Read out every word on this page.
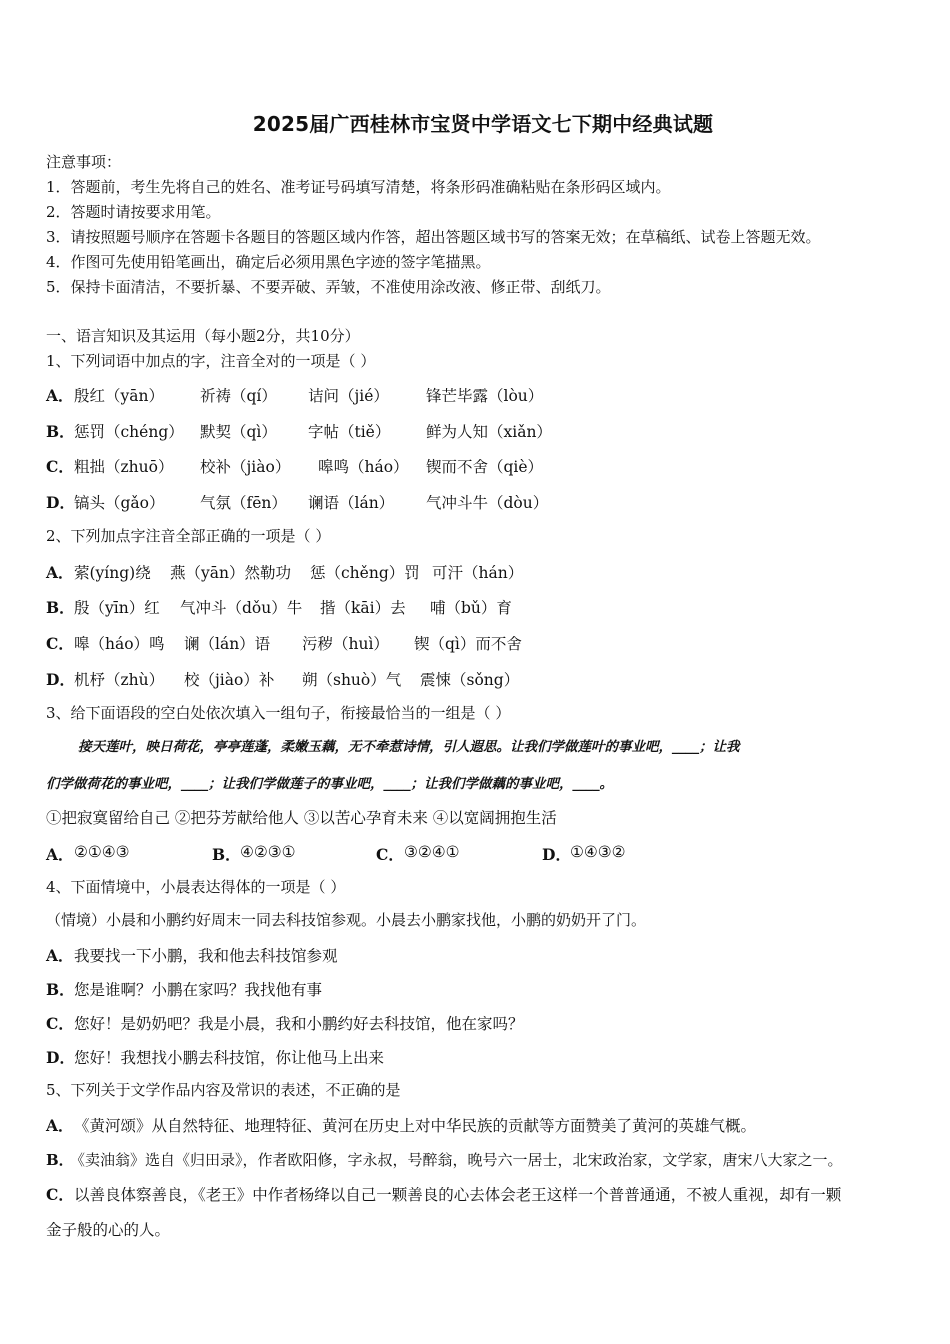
2025届广西桂林市宝贤中学语文七下期中经典试题
注意事项：
1．答题前，考生先将自己的姓名、准考证号码填写清楚，将条形码准确粘贴在条形码区域内。
2．答题时请按要求用笔。
3．请按照题号顺序在答题卡各题目的答题区域内作答，超出答题区域书写的答案无效；在草稿纸、试卷上答题无效。
4．作图可先使用铅笔画出，确定后必须用黑色字迹的签字笔描黑。
5．保持卡面清洁，不要折暴、不要弄破、弄皱，不准使用涂改液、修正带、刮纸刀。
一、语言知识及其运用（每小题2分，共10分）
1、下列词语中加点的字，注音全对的一项是（ ）
A． 殷红（yān） 祈祷（qí） 诘问（jié） 锋芒毕露（lòu）
B． 惩罚（chéng） 默契（qì） 字帖（tiě） 鲜为人知（xiǎn）
C． 粗拙（zhuō） 校补（jiào） 嗥鸣（háo） 锲而不舍（qiè）
D． 镐头（gǎo） 气氛（fēn） 谰语（lán） 气冲斗牛（dòu）
2、下列加点字注音全部正确的一项是（ ）
A． 萦(yíng)绕 燕（yān）然勒功 惩（chěng）罚 可汗（hán）
B． 殷（yīn）红 气冲斗（dǒu）牛 揩（kāi）去 哺（bǔ）育
C． 嗥（háo）鸣 谰（lán）语 污秽（huì） 锲（qì）而不舍
D． 机杼（zhù） 校（jiào）补 朔（shuò）气 震悚（sǒng）
3、给下面语段的空白处依次填入一组句子，衔接最恰当的一组是（ ）
接天莲叶，映日荷花，亭亭莲蓬，柔嫩玉藕，无不牵惹诗情，引人遐思。让我们学做莲叶的事业吧，____；让我
们学做荷花的事业吧，____；让我们学做莲子的事业吧，____；让我们学做藕的事业吧，____。
①把寂寞留给自己 ②把芬芳献给他人 ③以苦心孕育未来 ④以宽阔拥抱生活
A． ②①④③	B． ④②③①	C． ③②④①	D． ①④③②
4、下面情境中，小晨表达得体的一项是（ ）
（情境）小晨和小鹏约好周末一同去科技馆参观。小晨去小鹏家找他，小鹏的奶奶开了门。
A． 我要找一下小鹏，我和他去科技馆参观
B． 您是谁啊？小鹏在家吗？我找他有事
C． 您好！是奶奶吧？我是小晨，我和小鹏约好去科技馆，他在家吗？
D． 您好！我想找小鹏去科技馆，你让他马上出来
5、下列关于文学作品内容及常识的表述，不正确的是
A． 《黄河颂》从自然特征、地理特征、黄河在历史上对中华民族的贡献等方面赞美了黄河的英雄气概。
B．
《卖油翁》选自《归田录》，作者欧阳修，字永叔，号醉翁，晚号六一居士，北宋政治家，文学家，唐宋八大家之一。
C． 以善良体察善良，《老王》中作者杨绛以自己一颗善良的心去体会老王这样一个普普通通，不被人重视，却有一颗
金子般的心的人。
